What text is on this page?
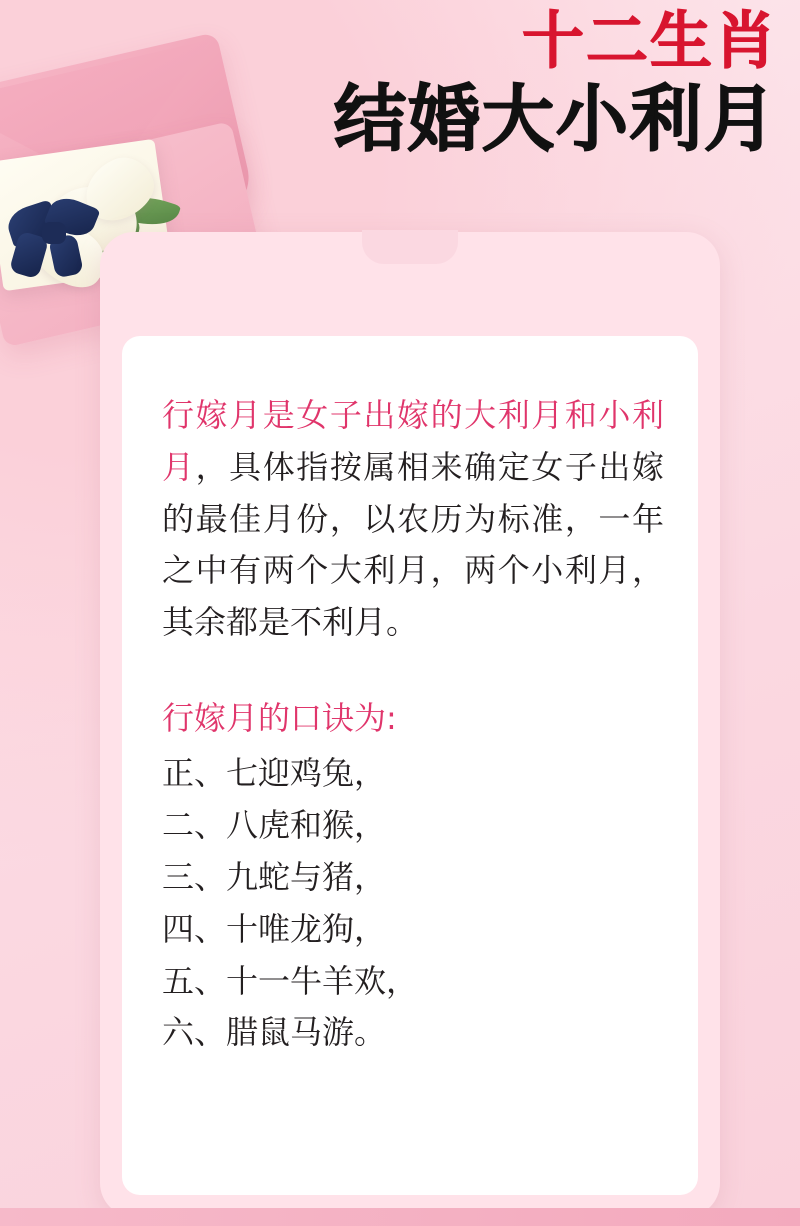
十二生肖
结婚大小利月

行嫁月是女子出嫁的大利月和小利月，具体指按属相来确定女子出嫁的最佳月份，以农历为标准，一年之中有两个大利月，两个小利月，其余都是不利月。

行嫁月的口诀为:

正、七迎鸡兔，

二、八虎和猴，

三、九蛇与猪，

四、十唯龙狗，

五、十一牛羊欢，

六、腊鼠马游。
